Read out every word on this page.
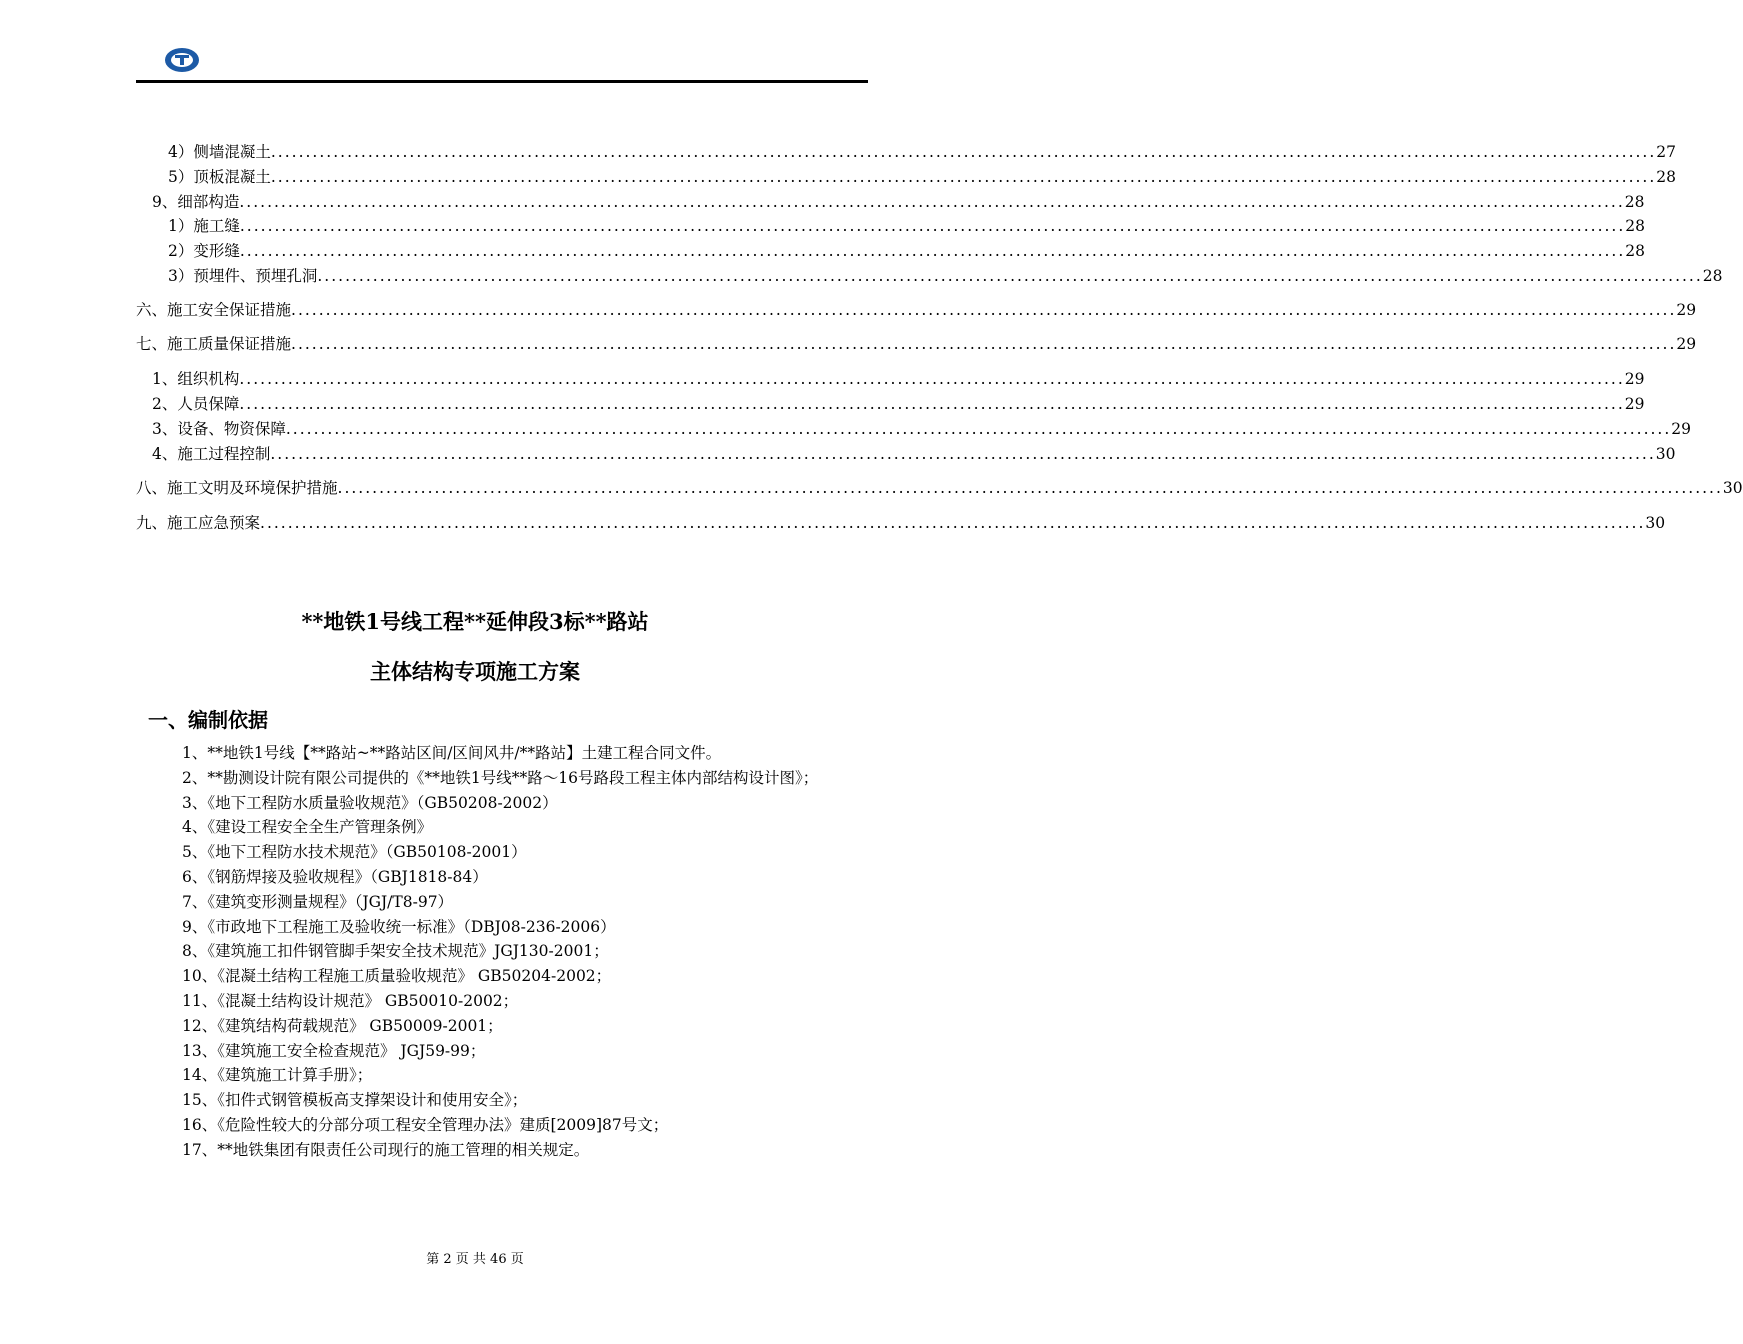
4）侧墙混凝土 ........................................................................................................................................................................................................ 27
5）顶板混凝土 ........................................................................................................................................................................................................ 28
9、细部构造 ........................................................................................................................................................................................................ 28
1）施工缝 ........................................................................................................................................................................................................ 28
2）变形缝 ........................................................................................................................................................................................................ 28
3）预埋件、预埋孔洞 ........................................................................................................................................................................................................ 28
六、施工安全保证措施 ........................................................................................................................................................................................................ 29
七、施工质量保证措施 ........................................................................................................................................................................................................ 29
1、组织机构 ........................................................................................................................................................................................................ 29
2、人员保障 ........................................................................................................................................................................................................ 29
3、设备、物资保障 ........................................................................................................................................................................................................ 29
4、施工过程控制 ........................................................................................................................................................................................................ 30
八、施工文明及环境保护措施 ........................................................................................................................................................................................................ 30
九、施工应急预案 ........................................................................................................................................................................................................ 30
**地铁1号线工程**延伸段3标**路站
主体结构专项施工方案
一、编制依据
1、**地铁1号线【**路站~**路站区间/区间风井/**路站】土建工程合同文件。
2、**勘测设计院有限公司提供的《**地铁1号线**路～16号路段工程主体内部结构设计图》；
3、《地下工程防水质量验收规范》（GB50208-2002）
4、《建设工程安全全生产管理条例》
5、《地下工程防水技术规范》（GB50108-2001）
6、《钢筋焊接及验收规程》（GBJ1818-84）
7、《建筑变形测量规程》（JGJ/T8-97）
9、《市政地下工程施工及验收统一标准》（DBJ08-236-2006）
8、《建筑施工扣件钢管脚手架安全技术规范》JGJ130-2001；
10、《混凝土结构工程施工质量验收规范》 GB50204-2002；
11、《混凝土结构设计规范》 GB50010-2002；
12、《建筑结构荷载规范》 GB50009-2001；
13、《建筑施工安全检查规范》 JGJ59-99；
14、《建筑施工计算手册》；
15、《扣件式钢管模板高支撑架设计和使用安全》；
16、《危险性较大的分部分项工程安全管理办法》建质[2009]87号文；
17、**地铁集团有限责任公司现行的施工管理的相关规定。
第 2 页 共 46 页
